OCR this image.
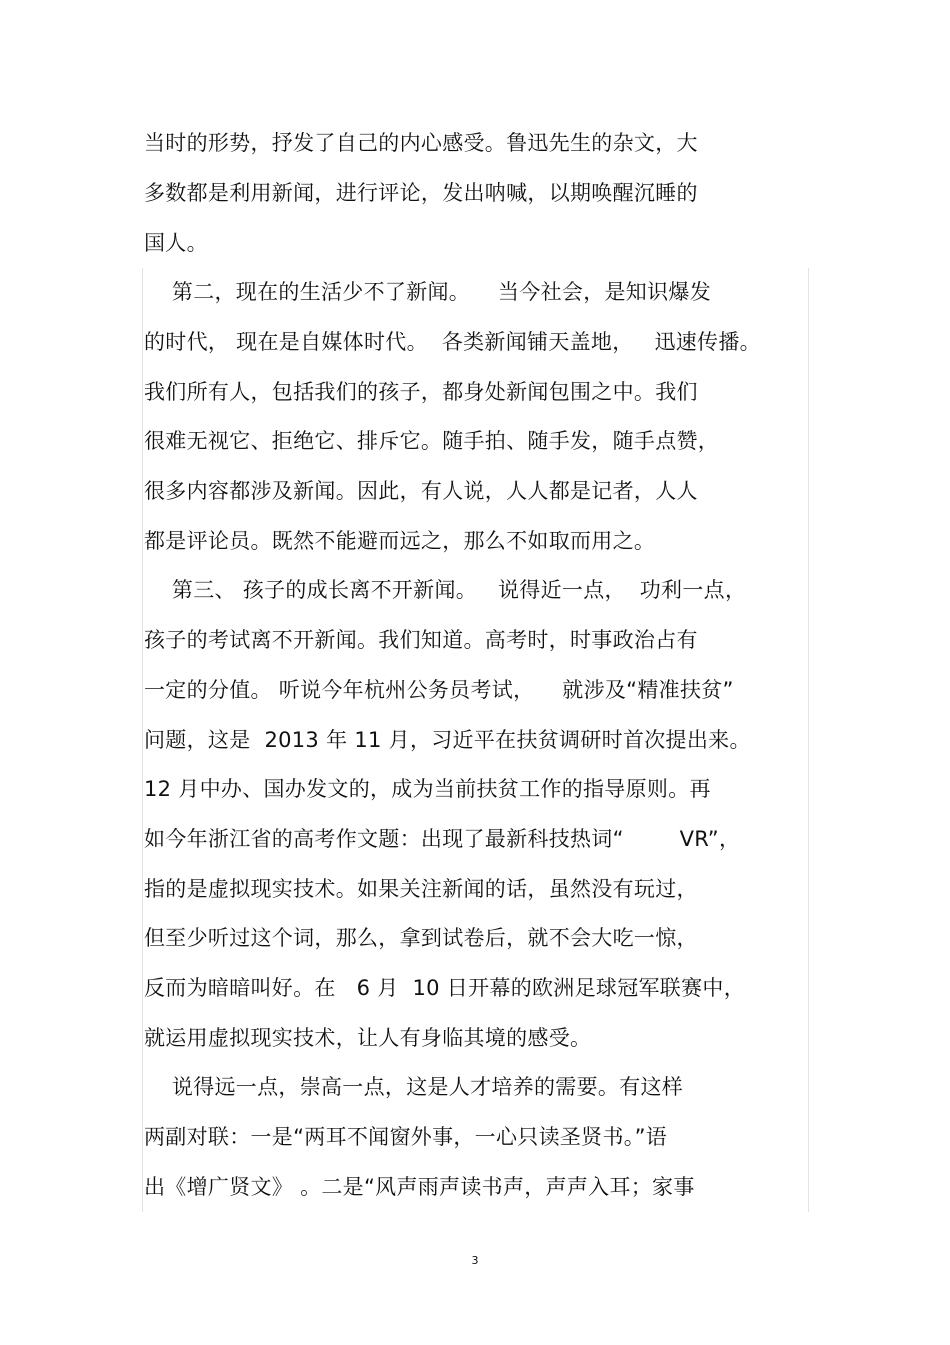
当时的形势，抒发了自己的内心感受。鲁迅先生的杂文，大
多数都是利用新闻，进行评论，发出呐喊，以期唤醒沉睡的
国人。
第二，现在的生活少不了新闻。    当今社会，是知识爆发
的时代， 现在是自媒体时代。  各类新闻铺天盖地，   迅速传播。
我们所有人，包括我们的孩子，都身处新闻包围之中。我们
很难无视它、拒绝它、排斥它。随手拍、随手发，随手点赞，
很多内容都涉及新闻。因此，有人说，人人都是记者，人人
都是评论员。既然不能避而远之，那么不如取而用之。
第三、 孩子的成长离不开新闻。   说得近一点，  功利一点，
孩子的考试离不开新闻。我们知道。高考时，时事政治占有
一定的分值。 听说今年杭州公务员考试，    就涉及“精准扶贫”
问题，这是  2013 年 11 月，习近平在扶贫调研时首次提出来。
12 月中办、国办发文的，成为当前扶贫工作的指导原则。再
如今年浙江省的高考作文题：出现了最新科技热词“        VR”，
指的是虚拟现实技术。如果关注新闻的话，虽然没有玩过，
但至少听过这个词，那么，拿到试卷后，就不会大吃一惊，
反而为暗暗叫好。在   6 月  10 日开幕的欧洲足球冠军联赛中，
就运用虚拟现实技术，让人有身临其境的感受。
说得远一点，崇高一点，这是人才培养的需要。有这样
两副对联：一是“两耳不闻窗外事，一心只读圣贤书。”语
出《增广贤文》 。二是“风声雨声读书声，声声入耳；家事
3
